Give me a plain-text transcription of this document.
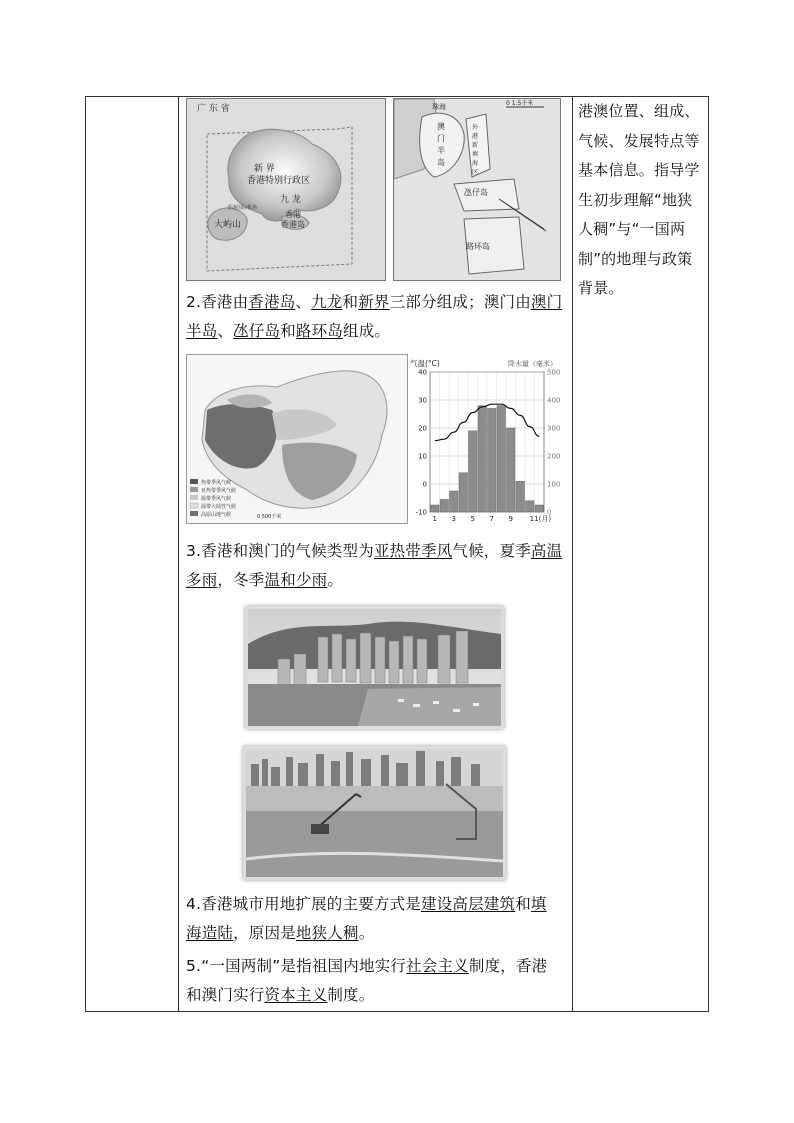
广 东 省
新 界
香港特别行政区
九 龙
香港
香港岛
大屿山
香港国际机场
珠海	0 1.5千米
澳
门
半
岛
外
港
新
填
海
区
氹仔岛
路环岛
2.香港由香港岛、九龙和新界三部分组成；澳门由澳门
半岛、氹仔岛和路环岛组成。
热带季风气候
亚热带季风气候
温带季风气候
温带大陆性气候
高原山地气候	0 500千米
气温(°C)	降水量（毫米）
40	500
30	400
20	300
10	200
0	100
-10	0
1 3 5 7 9 11(月)
3.香港和澳门的气候类型为亚热带季风气候，夏季高温
多雨，冬季温和少雨。
4.香港城市用地扩展的主要方式是建设高层建筑和填
海造陆，原因是地狭人稠。
5.“一国两制”是指祖国内地实行社会主义制度，香港
和澳门实行资本主义制度。
港澳位置、组成、
气候、发展特点等
基本信息。指导学
生初步理解“地狭
人稠”与“一国两
制”的地理与政策
背景。
